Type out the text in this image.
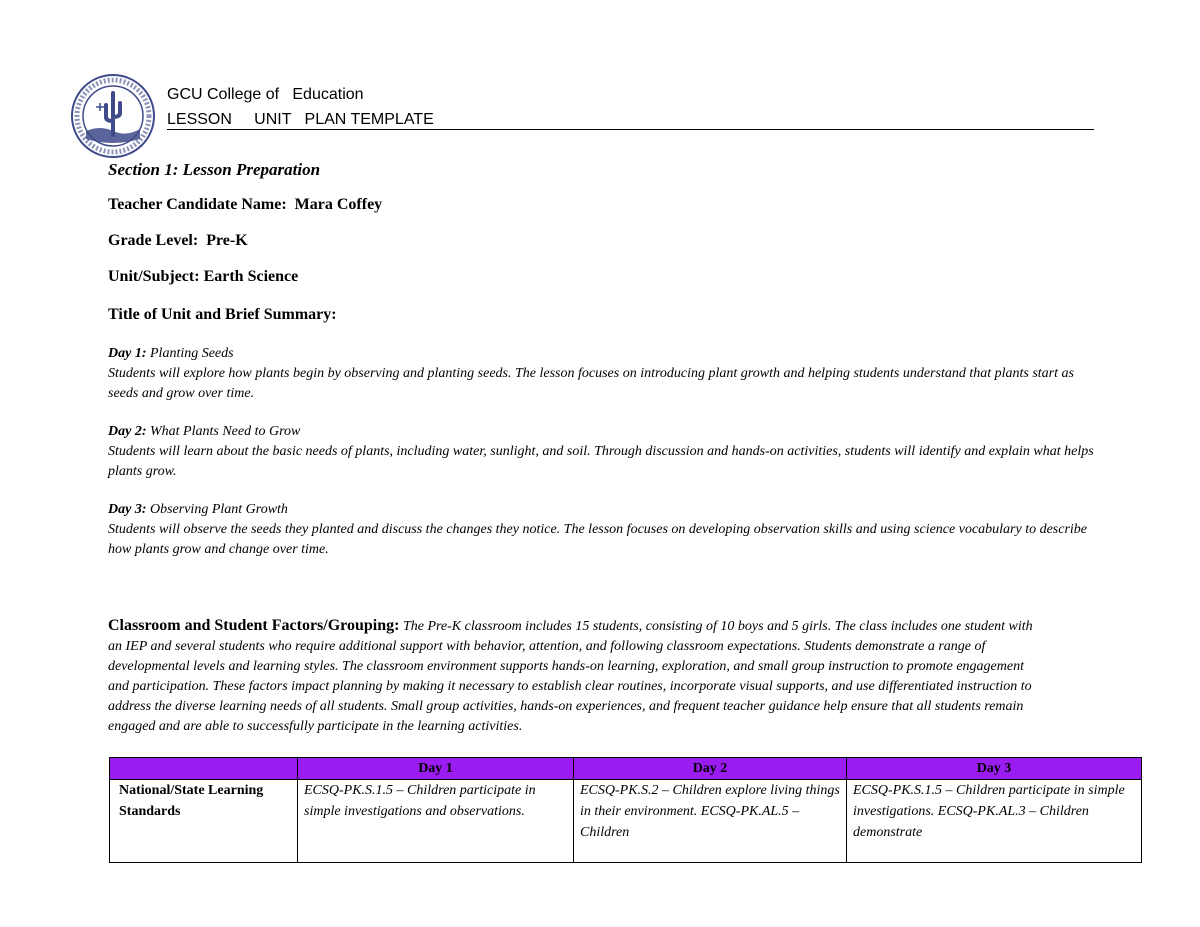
GCU College of   Education
LESSON     UNIT   PLAN TEMPLATE
Section 1: Lesson Preparation
Teacher Candidate Name: Mara Coffey
Grade Level: Pre-K
Unit/Subject: Earth Science
Title of Unit and Brief Summary:
Day 1: Planting Seeds
Students will explore how plants begin by observing and planting seeds. The lesson focuses on introducing plant growth and helping students understand that plants start as seeds and grow over time.
Day 2: What Plants Need to Grow
Students will learn about the basic needs of plants, including water, sunlight, and soil. Through discussion and hands-on activities, students will identify and explain what helps plants grow.
Day 3: Observing Plant Growth
Students will observe the seeds they planted and discuss the changes they notice. The lesson focuses on developing observation skills and using science vocabulary to describe how plants grow and change over time.
Classroom and Student Factors/Grouping: The Pre-K classroom includes 15 students, consisting of 10 boys and 5 girls. The class includes one student with an IEP and several students who require additional support with behavior, attention, and following classroom expectations. Students demonstrate a range of developmental levels and learning styles. The classroom environment supports hands-on learning, exploration, and small group instruction to promote engagement and participation. These factors impact planning by making it necessary to establish clear routines, incorporate visual supports, and use differentiated instruction to address the diverse learning needs of all students. Small group activities, hands-on experiences, and frequent teacher guidance help ensure that all students remain engaged and are able to successfully participate in the learning activities.
	Day 1	Day 2	Day 3
National/State Learning Standards	ECSQ-PK.S.1.5 – Children participate in simple investigations and observations.	ECSQ-PK.S.2 – Children explore living things in their environment. ECSQ-PK.AL.5 – Children	ECSQ-PK.S.1.5 – Children participate in simple investigations. ECSQ-PK.AL.3 – Children demonstrate
